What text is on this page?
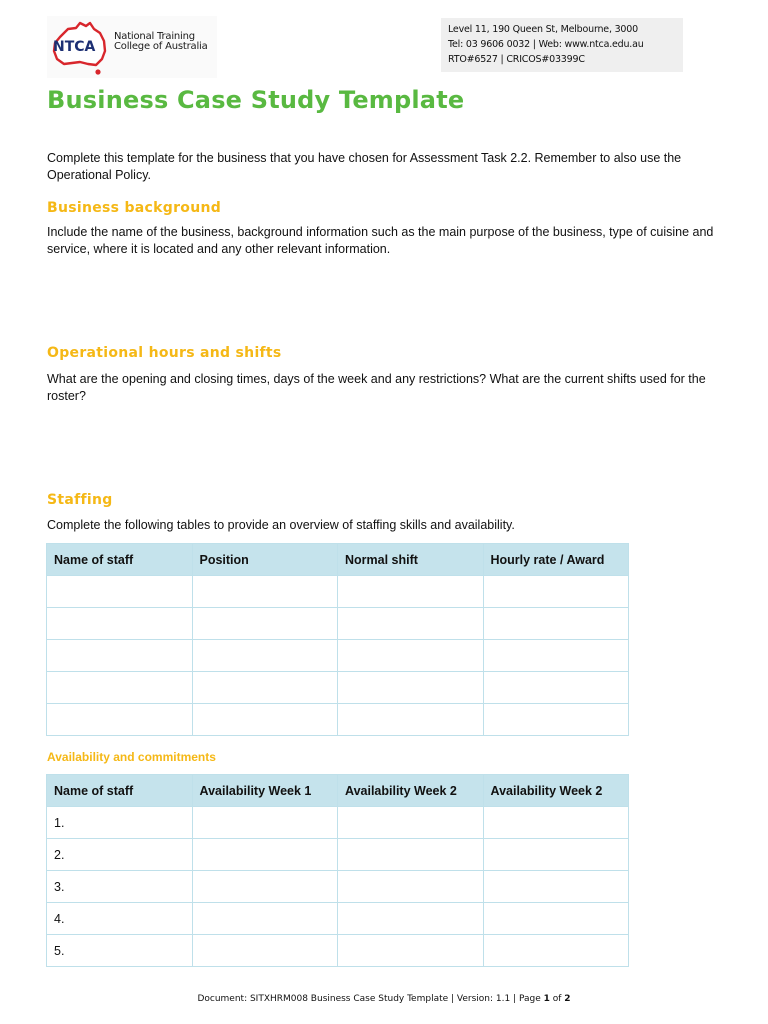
NTCA
National Training
College of Australia
Level 11, 190 Queen St, Melbourne, 3000
Tel: 03 9606 0032 | Web: www.ntca.edu.au
RTO#6527 | CRICOS#03399C
Business Case Study Template
Complete this template for the business that you have chosen for Assessment Task 2.2. Remember to also use the Operational Policy.
Business background
Include the name of the business, background information such as the main purpose of the business, type of cuisine and service, where it is located and any other relevant information.
Operational hours and shifts
What are the opening and closing times, days of the week and any restrictions? What are the current shifts used for the roster?
Staffing
Complete the following tables to provide an overview of staffing skills and availability.
Name of staff	Position	Normal shift	Hourly rate / Award

Availability and commitments
Name of staff	Availability Week 1	Availability Week 2	Availability Week 2
1.			
2.			
3.			
4.			
5.			
Document: SITXHRM008 Business Case Study Template | Version: 1.1 | Page 1 of 2
